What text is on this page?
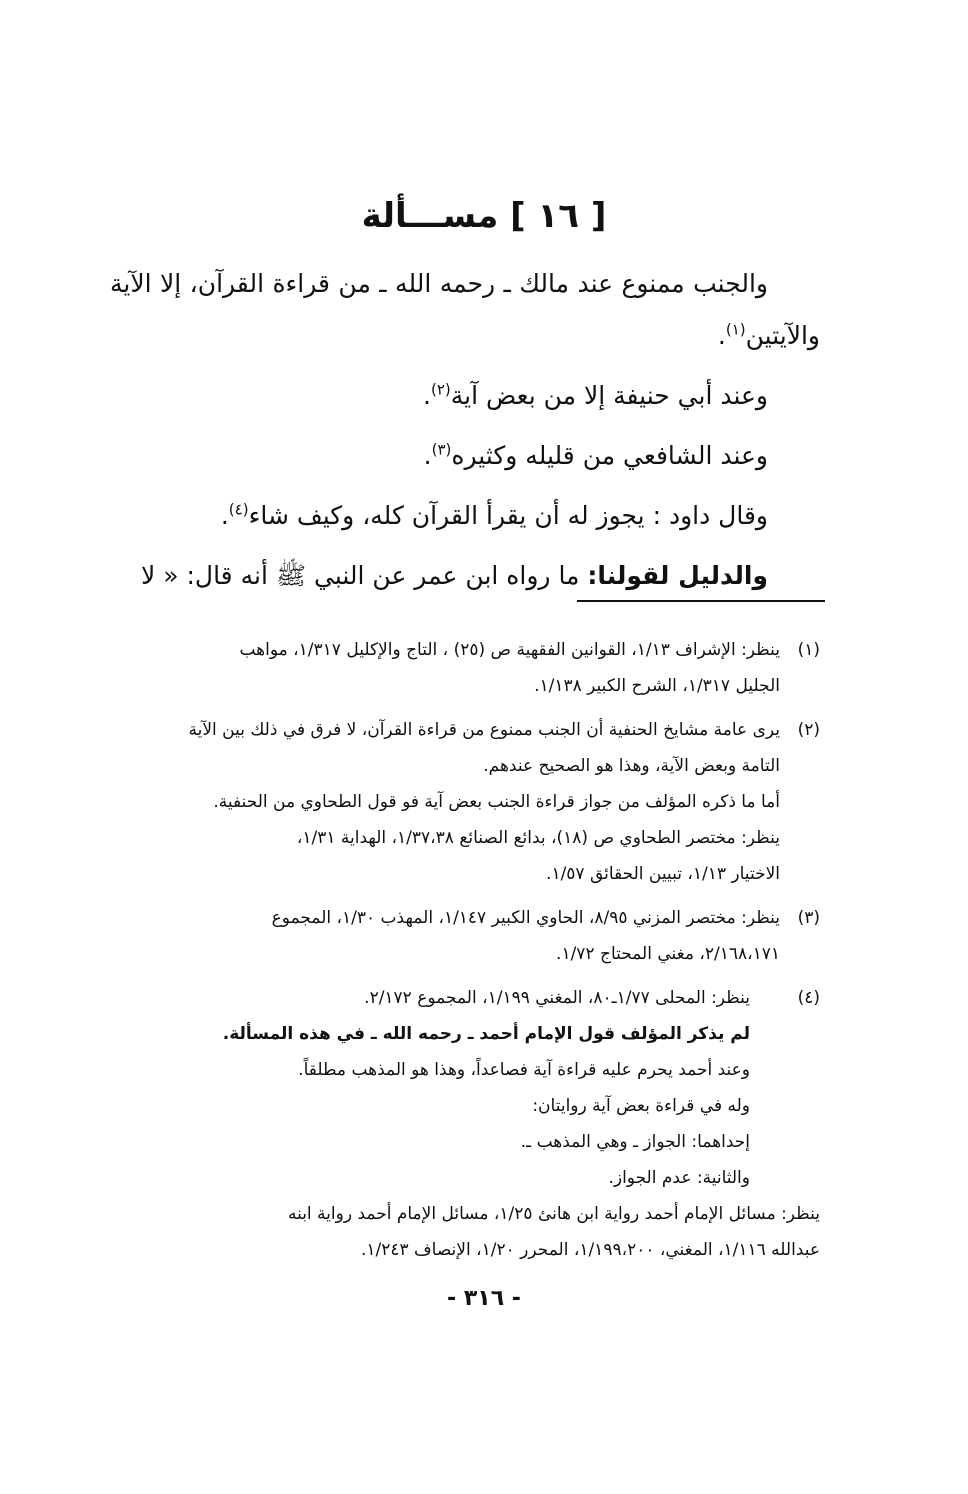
[ ١٦ ] مســـألة

والجنب ممنوع عند مالك ـ رحمه الله ـ من قراءة القرآن، إلا الآية والآيتين$^{(١)}$.

وعند أبي حنيفة إلا من بعض آية$^{(٢)}$.

وعند الشافعي من قليله وكثيره$^{(٣)}$.

وقال داود : يجوز له أن يقرأ القرآن كله، وكيف شاء$^{(٤)}$.

والدليل لقولنا: ما رواه ابن عمر عن النبي ﷺ أنه قال: « لا

(١)
ينظر: الإشراف ١/١٣، القوانين الفقهية ص (٢٥) ، التاج والإكليل ١/٣١٧، مواهب
الجليل ١/٣١٧، الشرح الكبير ١/١٣٨.
(٢)
يرى عامة مشايخ الحنفية أن الجنب ممنوع من قراءة القرآن، لا فرق في ذلك بين الآية
التامة وبعض الآية، وهذا هو الصحيح عندهم.
أما ما ذكره المؤلف من جواز قراءة الجنب بعض آية فو قول الطحاوي من الحنفية.
ينظر: مختصر الطحاوي ص (١٨)، بدائع الصنائع ١/٣٧،٣٨، الهداية ١/٣١،
الاختيار ١/١٣، تبيين الحقائق ١/٥٧.
(٣)
ينظر: مختصر المزني ٨/٩٥، الحاوي الكبير ١/١٤٧، المهذب ١/٣٠، المجموع
٢/١٦٨،١٧١، مغني المحتاج ١/٧٢.
(٤)
ينظر: المحلى ١/٧٧ـ٨٠، المغني ١/١٩٩، المجموع ٢/١٧٢.
لم يذكر المؤلف قول الإمام أحمد ـ رحمه الله ـ في هذه المسألة.
وعند أحمد يحرم عليه قراءة آية فصاعداً، وهذا هو المذهب مطلقاً.
وله في قراءة بعض آية روايتان:
إحداهما: الجواز ـ وهي المذهب ـ.
والثانية: عدم الجواز.
ينظر: مسائل الإمام أحمد رواية ابن هانئ ١/٢٥، مسائل الإمام أحمد رواية ابنه
عبدالله ١/١١٦، المغني، ١/١٩٩،٢٠٠، المحرر ١/٢٠، الإنصاف ١/٢٤٣.
- ٣١٦ -
